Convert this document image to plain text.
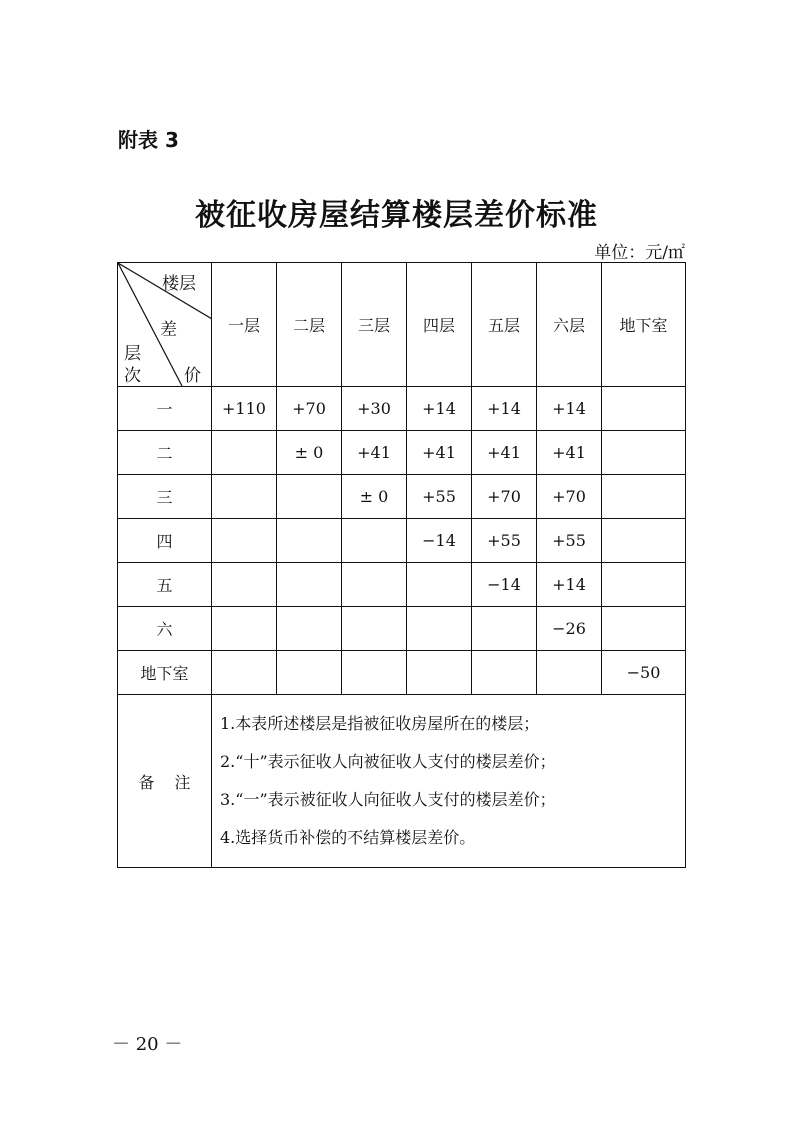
附表 3
被征收房屋结算楼层差价标准
单位：元/㎡
楼层
差
层
次 价	一层	二层	三层	四层	五层	六层	地下室
一	+110	+70	+30	+14	+14	+14	
二		± 0	+41	+41	+41	+41	
三			± 0	+55	+70	+70	
四				−14	+55	+55	
五					−14	+14	
六						−26	
地下室							−50
备注	1.本表所述楼层是指被征收房屋所在的楼层；
2.“十”表示征收人向被征收人支付的楼层差价；
3.“一”表示被征收人向征收人支付的楼层差价；
4.选择货币补偿的不结算楼层差价。						
－ 20 －
